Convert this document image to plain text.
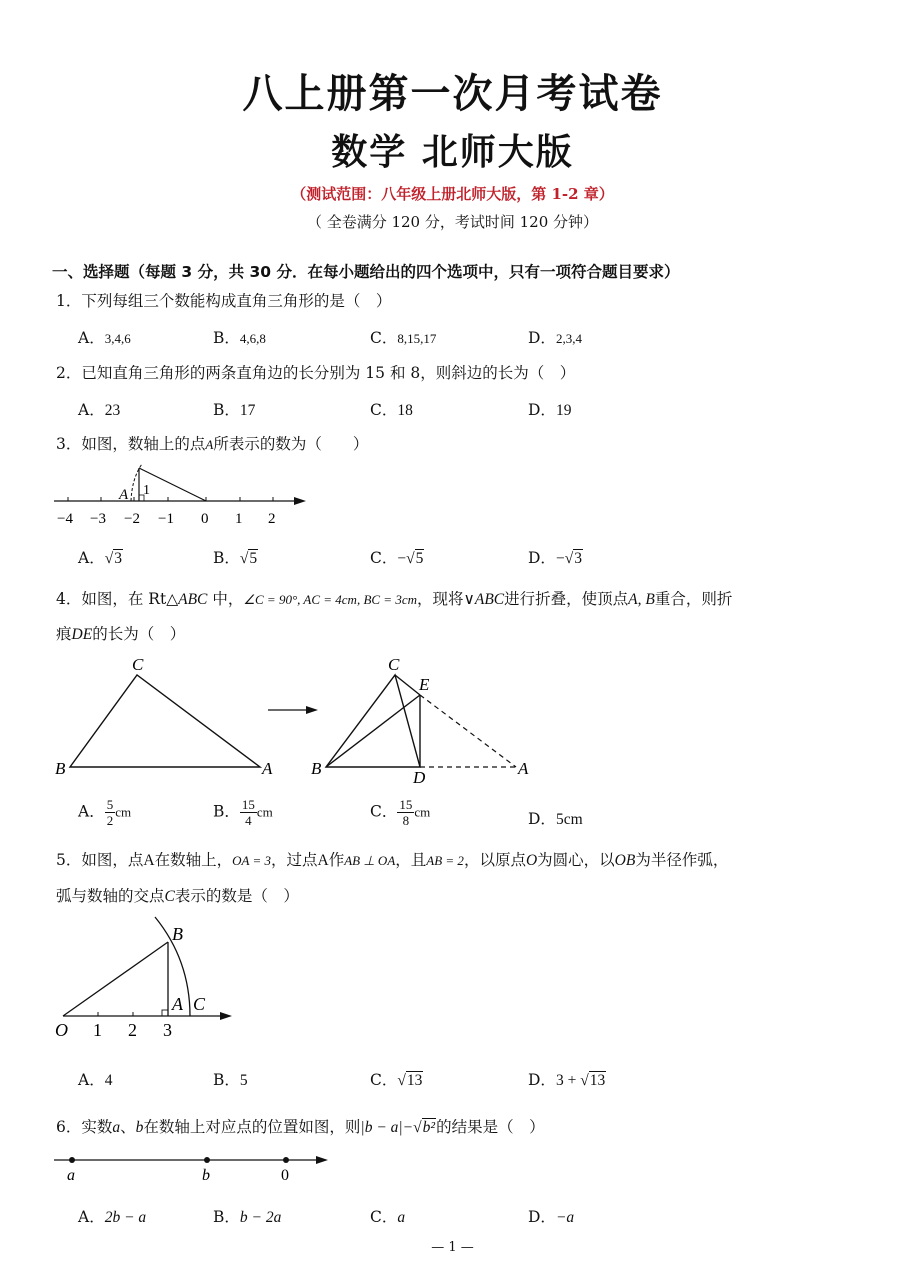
八上册第一次月考试卷
数学 北师大版
（测试范围：八年级上册北师大版，第 1-2 章）
（ 全卷满分 120 分，考试时间 120 分钟）
一、选择题（每题 3 分，共 30 分．在每小题给出的四个选项中，只有一项符合题目要求）
1．下列每组三个数能构成直角三角形的是（　）
A．3,4,6	B．4,6,8	C．8,15,17	D．2,3,4
2．已知直角三角形的两条直角边的长分别为 15 和 8，则斜边的长为（　）
A．23	B．17	C．18	D．19
3．如图，数轴上的点A所表示的数为（　　）
A 1
−4 −3 −2 −1 0 1 2
A．√3	B．√5	C．−√5	D．−√3
4．如图，在 Rt△ABC 中，∠C = 90°, AC = 4cm, BC = 3cm，现将∨ABC进行折叠，使顶点A, B重合，则折
痕DE的长为（　）
C
B	A
C
E
B	D	A
A． $\frac{5}{2}$ cm	B． $\frac{15}{4}$ cm	C． $\frac{15}{8}$ cm	D．5cm
5．如图，点A在数轴上，OA = 3，过点A作AB ⊥ OA，且AB = 2，以原点O为圆心，以OB为半径作弧，
弧与数轴的交点C表示的数是（　）
O 1 2 3
A
B
C
A．4	B．5	C．√13	D．3 + √13
6．实数a、b在数轴上对应点的位置如图，则|b − a|−√b²的结果是（　）
a	b	0
A．2b − a	B．b − 2a	C．a	D．−a
— 1 —
